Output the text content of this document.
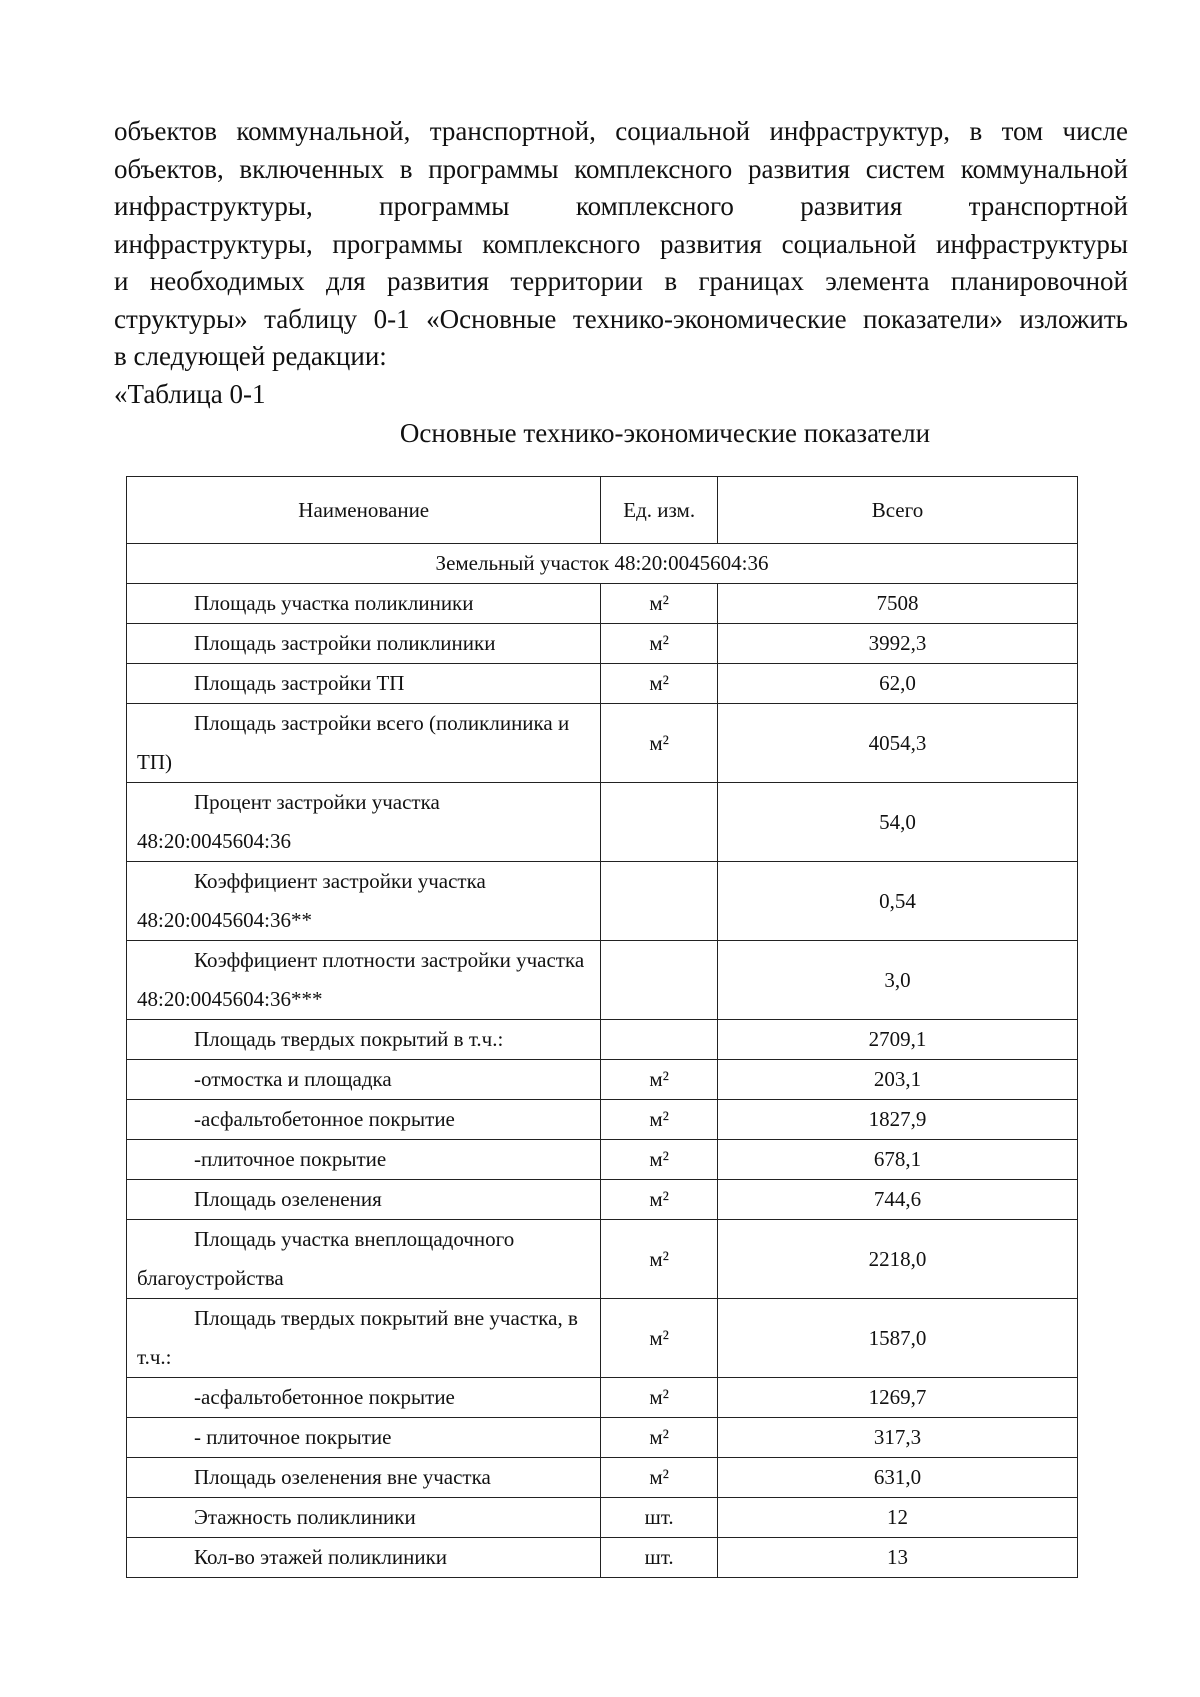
объектов коммунальной, транспортной, социальной инфраструктур, в том числе
объектов, включенных в программы комплексного развития систем коммунальной
инфраструктуры, программы комплексного развития транспортной
инфраструктуры, программы комплексного развития социальной инфраструктуры
и необходимых для развития территории в границах элемента планировочной
структуры» таблицу 0-1 «Основные технико-экономические показатели» изложить
в следующей редакции:

«Таблица 0-1

Основные технико-экономические показатели

Наименование	Ед. изм.	Всего
Земельный участок 48:20:0045604:36		
Площадь участка поликлиники	м²	7508
Площадь застройки поликлиники	м²	3992,3
Площадь застройки ТП	м²	62,0
Площадь застройки всего (поликлиника и ТП)	м²	4054,3
Процент застройки участка 48:20:0045604:36		54,0
Коэффициент застройки участка 48:20:0045604:36**		0,54
Коэффициент плотности застройки участка 48:20:0045604:36***		3,0
Площадь твердых покрытий в т.ч.:		2709,1
-отмостка и площадка	м²	203,1
-асфальтобетонное покрытие	м²	1827,9
-плиточное покрытие	м²	678,1
Площадь озеленения	м²	744,6
Площадь участка внеплощадочного благоустройства	м²	2218,0
Площадь твердых покрытий вне участка, в т.ч.:	м²	1587,0
-асфальтобетонное покрытие	м²	1269,7
- плиточное покрытие	м²	317,3
Площадь озеленения вне участка	м²	631,0
Этажность поликлиники	шт.	12
Кол-во этажей поликлиники	шт.	13
